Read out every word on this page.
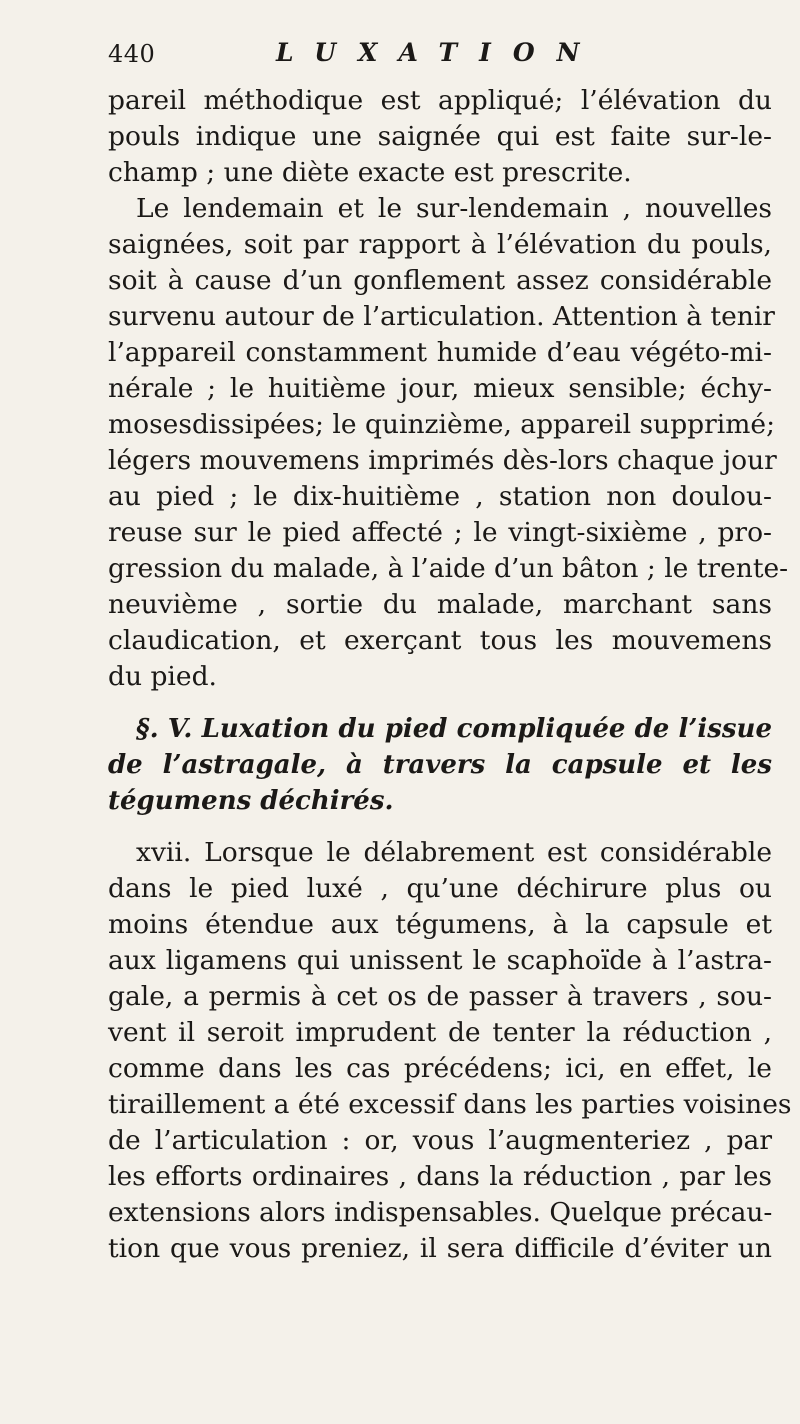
440	LUXATION
pareil méthodique est appliqué; l’élévation du
pouls indique une saignée qui est faite sur-le-
champ ; une diète exacte est prescrite.
Le lendemain et le sur-lendemain , nouvelles
saignées, soit par rapport à l’élévation du pouls,
soit à cause d’un gonflement assez considérable
survenu autour de l’articulation. Attention à tenir
l’appareil constamment humide d’eau végéto-mi-
nérale ; le huitième jour, mieux sensible; échy-
mosesdissipées; le quinzième, appareil supprimé;
légers mouvemens imprimés dès-lors chaque jour
au pied ; le dix-huitième , station non doulou-
reuse sur le pied affecté ; le vingt-sixième , pro-
gression du malade, à l’aide d’un bâton ; le trente-
neuvième , sortie du malade, marchant sans
claudication, et exerçant tous les mouvemens
du pied.
§. V. Luxation du pied compliquée de l’issue
de l’astragale, à travers la capsule et les
tégumens déchirés.
xvii. Lorsque le délabrement est considérable
dans le pied luxé , qu’une déchirure plus ou
moins étendue aux tégumens, à la capsule et
aux ligamens qui unissent le scaphoïde à l’astra-
gale, a permis à cet os de passer à travers , sou-
vent il seroit imprudent de tenter la réduction ,
comme dans les cas précédens; ici, en effet, le
tiraillement a été excessif dans les parties voisines
de l’articulation : or, vous l’augmenteriez , par
les efforts ordinaires , dans la réduction , par les
extensions alors indispensables. Quelque précau-
tion que vous preniez, il sera difficile d’éviter un
